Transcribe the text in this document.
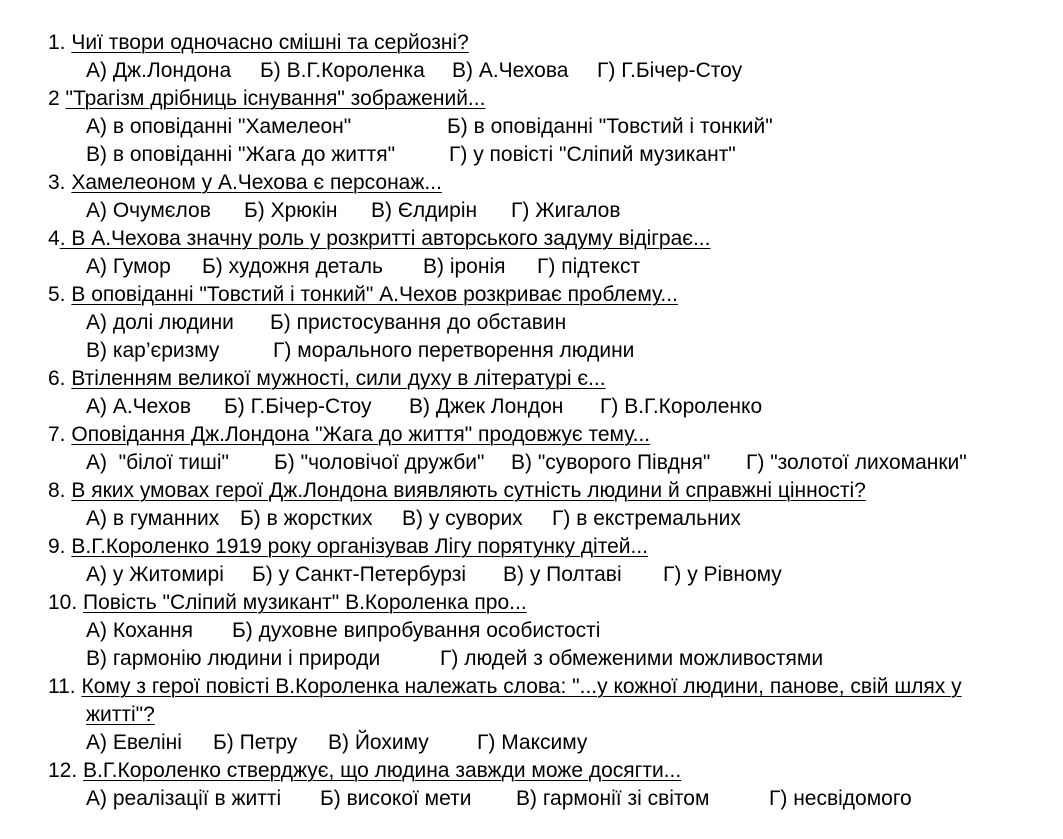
1. Чиї твори одночасно смішні та серйозні?
А) Дж.Лондона Б) В.Г.Короленка В) А.Чехова Г) Г.Бічер-Стоу
2 "Трагізм дрібниць існування" зображений...
А) в оповіданні "Хамелеон"	Б) в оповіданні "Товстий і тонкий"
В) в оповіданні "Жага до життя"	Г) у повісті "Сліпий музикант"
3. Хамелеоном у А.Чехова є персонаж...
А) Очумєлов Б) Хрюкін В) Єлдирін Г) Жигалов
4. В А.Чехова значну роль у розкритті авторського задуму відіграє...
А) Гумор Б) художня деталь В) іронія Г) підтекст
5. В оповіданні "Товстий і тонкий" А.Чехов розкриває проблему...
А) долі людини Б) пристосування до обставин
В) кар’єризму	Г) морального перетворення людини
6. Втіленням великої мужності, сили духу в літературі є...
А) А.Чехов Б) Г.Бічер-Стоу В) Джек Лондон Г) В.Г.Короленко
7. Оповідання Дж.Лондона "Жага до життя" продовжує тему...
А)  "білої тиші" Б) "чоловічої дружби" В) "суворого Півдня" Г) "золотої лихоманки"
8. В яких умовах герої Дж.Лондона виявляють сутність людини й справжні цінності?
А) в гуманних Б) в жорстких В) у суворих Г) в екстремальних
9. В.Г.Короленко 1919 року організував Лігу порятунку дітей...
А) у Житомирі Б) у Санкт-Петербурзі В) у Полтаві Г) у Рівному
10. Повість "Сліпий музикант" В.Короленка про...
А) Кохання Б) духовне випробування особистості
В) гармонію людини і природи	Г) людей з обмеженими можливостями
11. Кому з герої повісті В.Короленка належать слова: "...у кожної людини, панове, свій шлях у
житті"?
А) Евеліні Б) Петру В) Йохиму Г) Максиму
12. В.Г.Короленко стверджує, що людина завжди може досягти...
А) реалізації в житті Б) високої мети В) гармонії зі світом	Г) несвідомого
